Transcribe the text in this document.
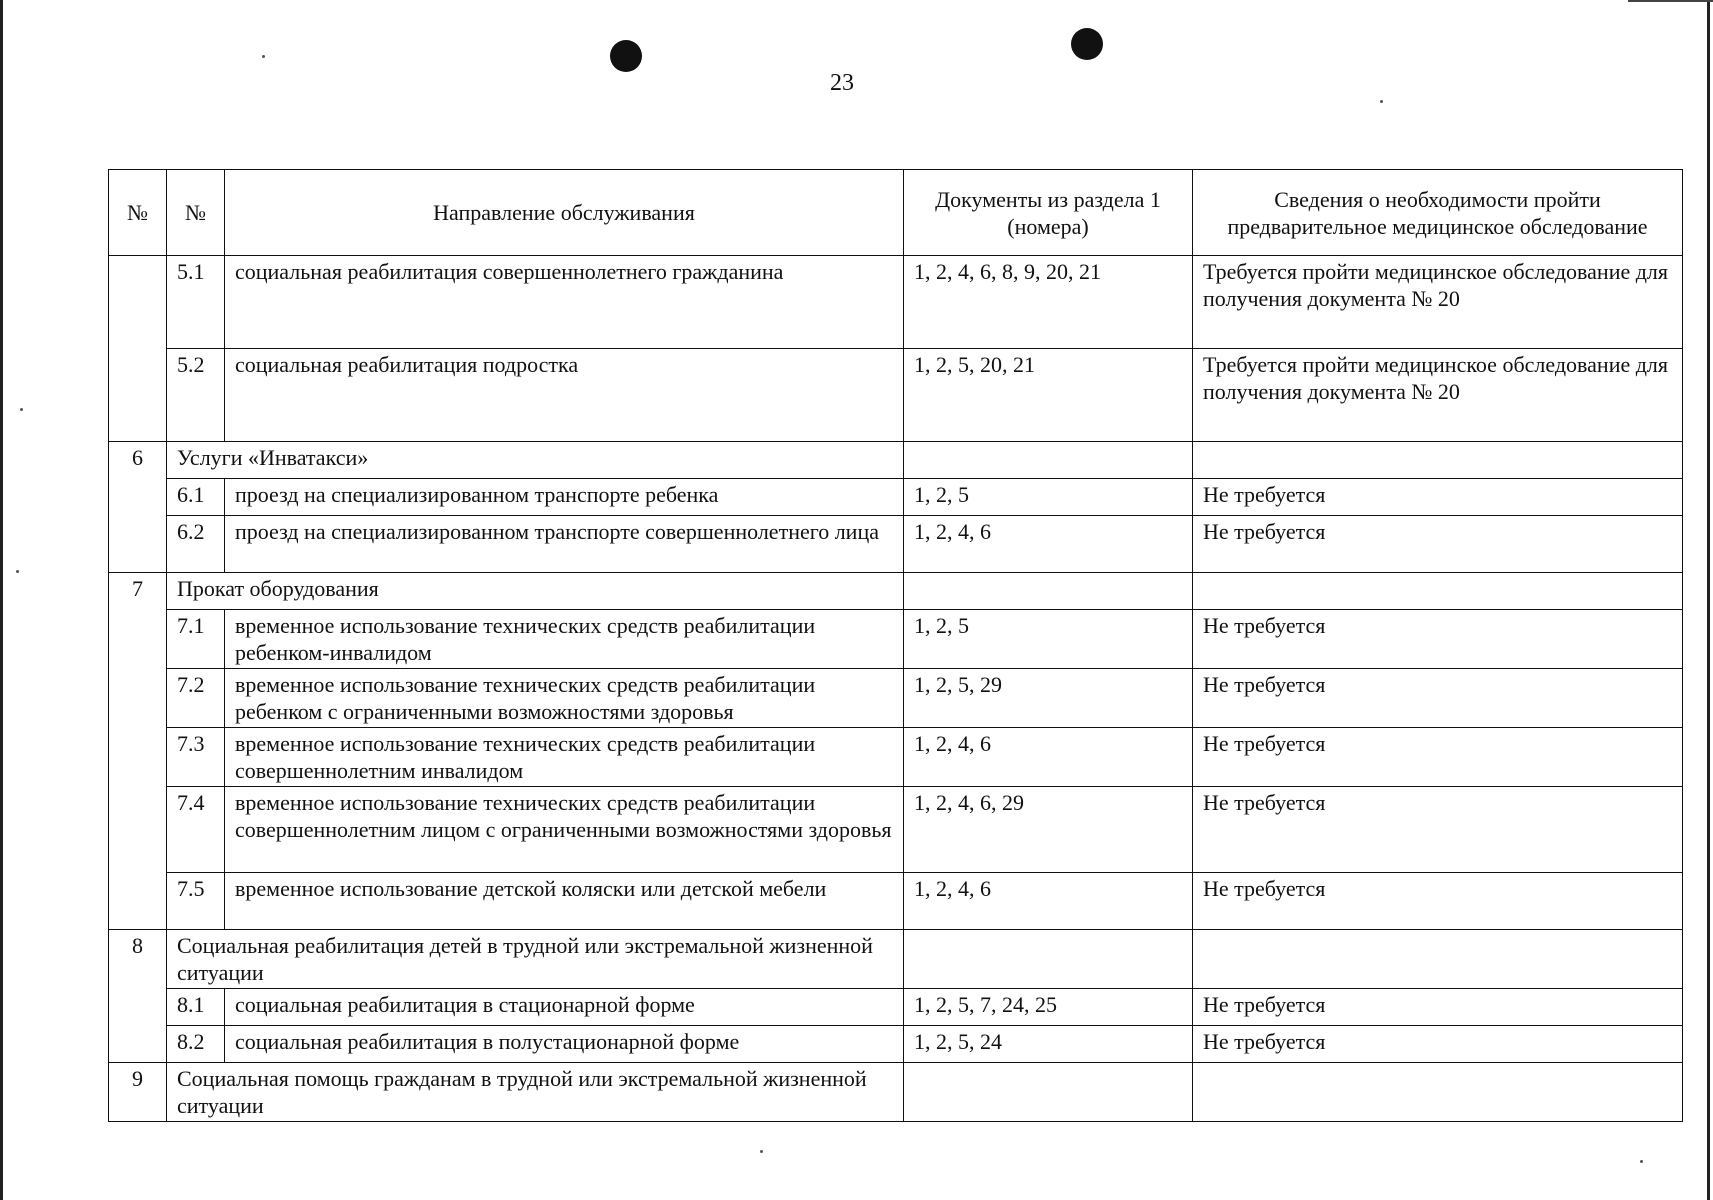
23
№	№	Направление обслуживания	Документы из раздела 1 (номера)	Сведения о необходимости пройти предварительное медицинское обследование
	5.1	социальная реабилитация совершеннолетнего гражданина	1, 2, 4, 6, 8, 9, 20, 21	Требуется пройти медицинское обследование для получения документа № 20
	5.2	социальная реабилитация подростка	1, 2, 5, 20, 21	Требуется пройти медицинское обследование для получения документа № 20
6	Услуги «Инватакси»			
	6.1	проезд на специализированном транспорте ребенка	1, 2, 5	Не требуется
	6.2	проезд на специализированном транспорте совершеннолетнего лица	1, 2, 4, 6	Не требуется
7	Прокат оборудования			
	7.1	временное использование технических средств реабилитации ребенком-инвалидом	1, 2, 5	Не требуется
	7.2	временное использование технических средств реабилитации ребенком с ограниченными возможностями здоровья	1, 2, 5, 29	Не требуется
	7.3	временное использование технических средств реабилитации совершеннолетним инвалидом	1, 2, 4, 6	Не требуется
	7.4	временное использование технических средств реабилитации совершеннолетним лицом с ограниченными возможностями здоровья	1, 2, 4, 6, 29	Не требуется
	7.5	временное использование детской коляски или детской мебели	1, 2, 4, 6	Не требуется
8	Социальная реабилитация детей в трудной или экстремальной жизненной ситуации			
	8.1	социальная реабилитация в стационарной форме	1, 2, 5, 7, 24, 25	Не требуется
	8.2	социальная реабилитация в полустационарной форме	1, 2, 5, 24	Не требуется
9	Социальная помощь гражданам в трудной или экстремальной жизненной ситуации			
